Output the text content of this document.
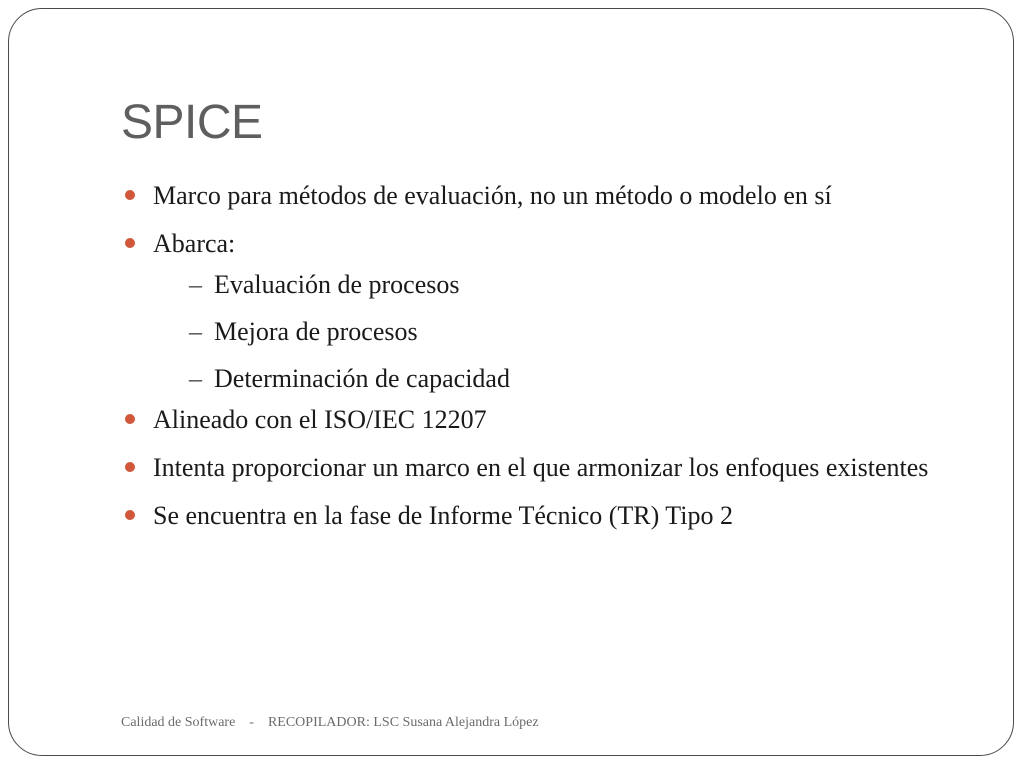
SPICE
Marco para métodos de evaluación, no un método o modelo en sí
Abarca:
– Evaluación de procesos
– Mejora de procesos
– Determinación de capacidad
Alineado con el ISO/IEC 12207
Intenta proporcionar un marco en el que armonizar los enfoques existentes
Se encuentra en la fase de Informe Técnico (TR) Tipo 2
Calidad de Software    -    RECOPILADOR: LSC Susana Alejandra López
